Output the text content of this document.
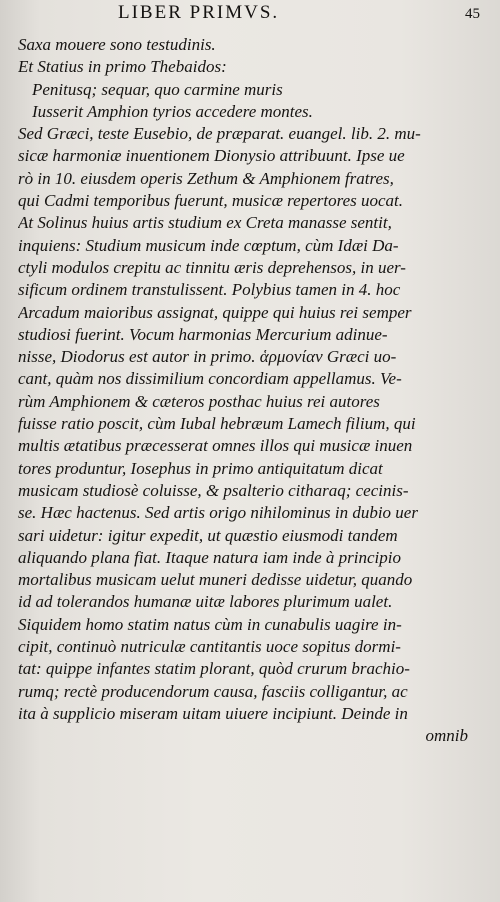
LIBER PRIMVS.	45
Saxa mouere sono testudinis.
Et Statius in primo Thebaidos:
Penitusq; sequar, quo carmine muris
Iusserit Amphion tyrios accedere montes.
Sed Græci, teste Eusebio, de præparat. euangel. lib. 2. mu-
sicæ harmoniæ inuentionem Dionysio attribuunt. Ipse ue
rò in 10. eiusdem operis Zethum & Amphionem fratres,
qui Cadmi temporibus fuerunt, musicæ repertores uocat.
At Solinus huius artis studium ex Creta manasse sentit,
inquiens: Studium musicum inde cœptum, cùm Idæi Da-
ctyli modulos crepitu ac tinnitu æris deprehensos, in uer-
sificum ordinem transtulissent. Polybius tamen in 4. hoc
Arcadum maioribus assignat, quippe qui huius rei semper
studiosi fuerint. Vocum harmonias Mercurium adinue-
nisse, Diodorus est autor in primo. ἁρμονίαν Græci uo-
cant, quàm nos dissimilium concordiam appellamus. Ve-
rùm Amphionem & cæteros posthac huius rei autores
fuisse ratio poscit, cùm Iubal hebræum Lamech filium, qui
multis ætatibus præcesserat omnes illos qui musicæ inuen
tores produntur, Iosephus in primo antiquitatum dicat
musicam studiosè coluisse, & psalterio citharaq; cecinis-
se. Hæc hactenus. Sed artis origo nihilominus in dubio uer
sari uidetur: igitur expedit, ut quæstio eiusmodi tandem
aliquando plana fiat. Itaque natura iam inde à principio
mortalibus musicam uelut muneri dedisse uidetur, quando
id ad tolerandos humanæ uitæ labores plurimum ualet.
Siquidem homo statim natus cùm in cunabulis uagire in-
cipit, continuò nutriculæ cantitantis uoce sopitus dormi-
tat: quippe infantes statim plorant, quòd crurum brachio-
rumq; rectè producendorum causa, fasciis colligantur, ac
ita à supplicio miseram uitam uiuere incipiunt. Deinde in
omnib
